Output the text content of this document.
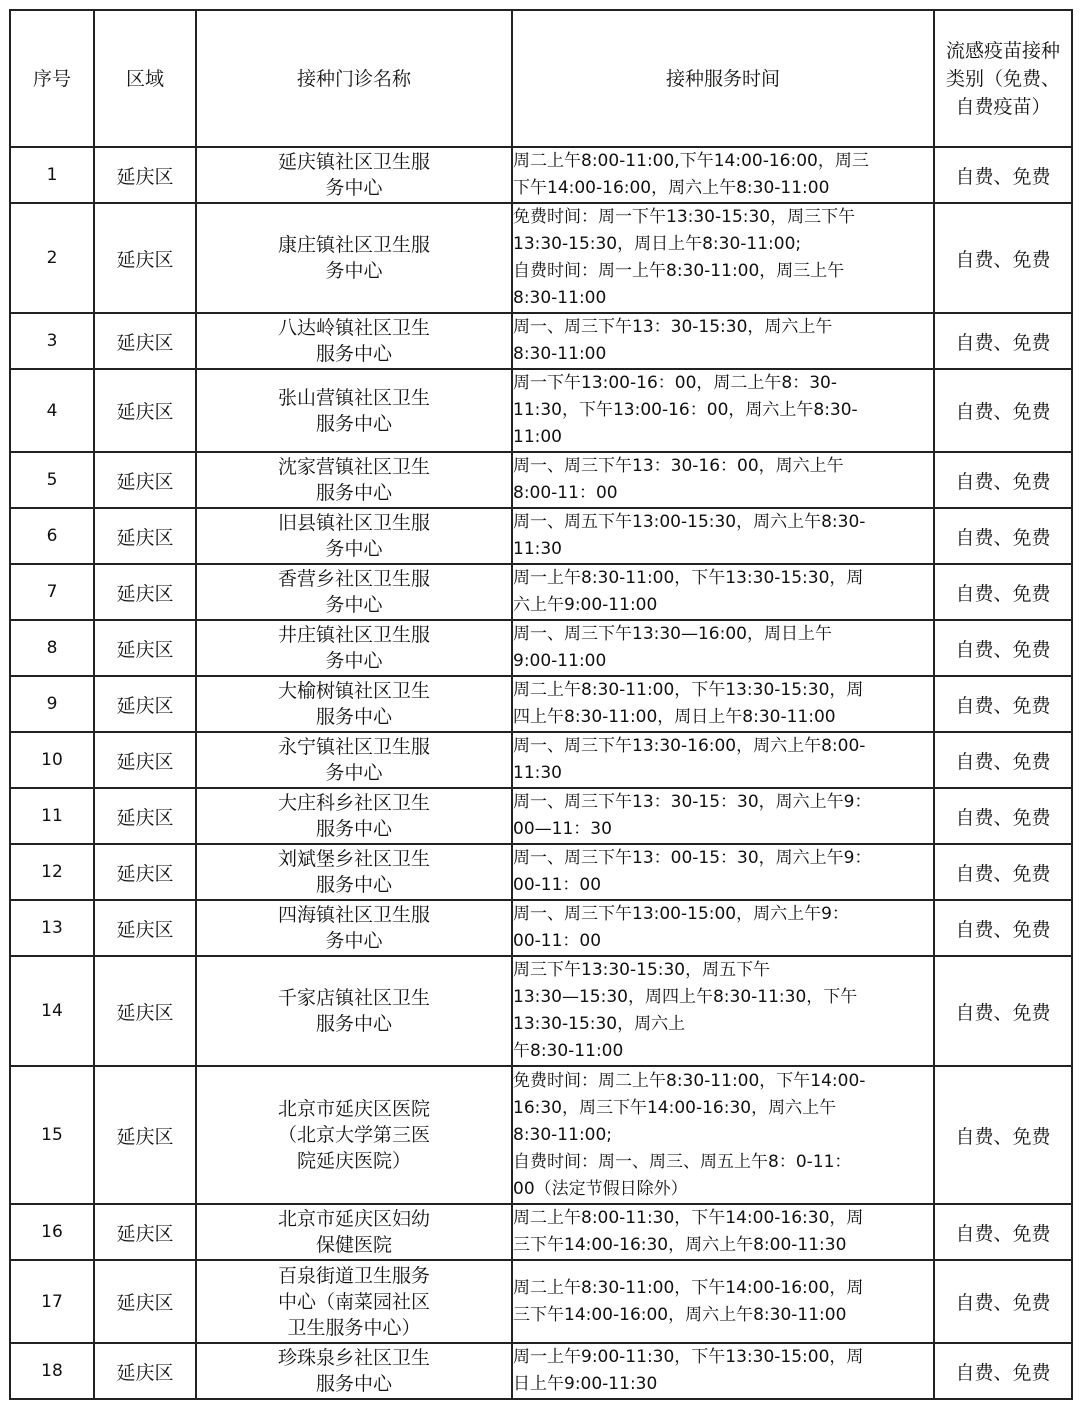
序号	区域	接种门诊名称	接种服务时间	流感疫苗接种
类别（免费、
自费疫苗）

1	延庆区	延庆镇社区卫生服
务中心	周二上午8:00-11:00,下午14:00-16:00，周三
下午14:00-16:00，周六上午8:30-11:00	自费、免费
2	延庆区	康庄镇社区卫生服
务中心	免费时间：周一下午13:30-15:30，周三下午
13:30-15:30，周日上午8:30-11:00;
自费时间：周一上午8:30-11:00，周三上午
8:30-11:00	自费、免费
3	延庆区	八达岭镇社区卫生
服务中心	周一、周三下午13：30-15:30，周六上午
8:30-11:00	自费、免费
4	延庆区	张山营镇社区卫生
服务中心	周一下午13:00-16：00，周二上午8：30-
11:30，下午13:00-16：00，周六上午8:30-
11:00	自费、免费
5	延庆区	沈家营镇社区卫生
服务中心	周一、周三下午13：30-16：00，周六上午
8:00-11：00	自费、免费
6	延庆区	旧县镇社区卫生服
务中心	周一、周五下午13:00-15:30，周六上午8:30-
11:30	自费、免费
7	延庆区	香营乡社区卫生服
务中心	周一上午8:30-11:00，下午13:30-15:30，周
六上午9:00-11:00	自费、免费
8	延庆区	井庄镇社区卫生服
务中心	周一、周三下午13:30—16:00，周日上午
9:00-11:00	自费、免费
9	延庆区	大榆树镇社区卫生
服务中心	周二上午8:30-11:00，下午13:30-15:30，周
四上午8:30-11:00，周日上午8:30-11:00	自费、免费
10	延庆区	永宁镇社区卫生服
务中心	周一、周三下午13:30-16:00，周六上午8:00-
11:30	自费、免费
11	延庆区	大庄科乡社区卫生
服务中心	周一、周三下午13：30-15：30，周六上午9：
00—11：30	自费、免费
12	延庆区	刘斌堡乡社区卫生
服务中心	周一、周三下午13：00-15：30，周六上午9：
00-11：00	自费、免费
13	延庆区	四海镇社区卫生服
务中心	周一、周三下午13:00-15:00，周六上午9：
00-11：00	自费、免费
14	延庆区	千家店镇社区卫生
服务中心	周三下午13:30-15:30，周五下午
13:30—15:30，周四上午8:30-11:30，下午
13:30-15:30，周六上
午8:30-11:00	自费、免费
15	延庆区	北京市延庆区医院
（北京大学第三医
院延庆医院）	免费时间：周二上午8:30-11:00，下午14:00-
16:30，周三下午14:00-16:30，周六上午
8:30-11:00;
自费时间：周一、周三、周五上午8：0-11：
00（法定节假日除外）	自费、免费
16	延庆区	北京市延庆区妇幼
保健医院	周二上午8:00-11:30，下午14:00-16:30，周
三下午14:00-16:30，周六上午8:00-11:30	自费、免费
17	延庆区	百泉街道卫生服务
中心（南菜园社区
卫生服务中心）	周二上午8:30-11:00，下午14:00-16:00，周
三下午14:00-16:00，周六上午8:30-11:00	自费、免费
18	延庆区	珍珠泉乡社区卫生
服务中心	周一上午9:00-11:30，下午13:30-15:00，周
日上午9:00-11:30	自费、免费
